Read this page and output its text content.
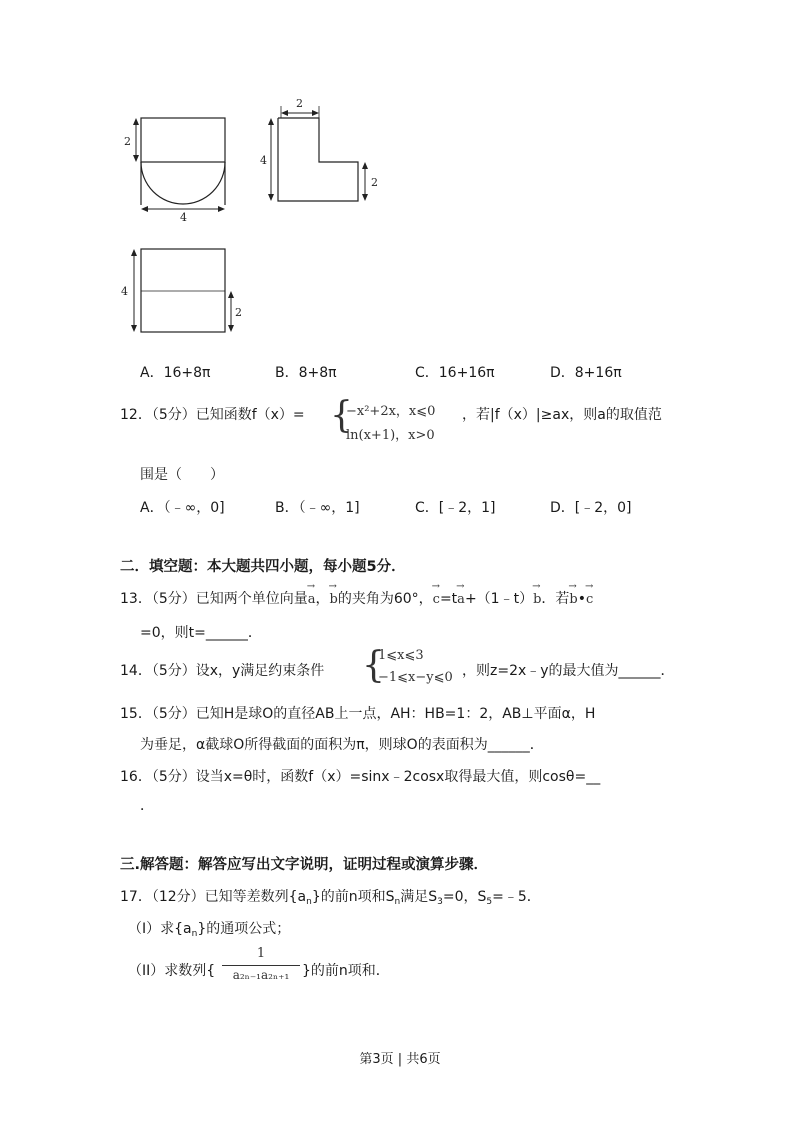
2
4
2
4
2
4
2
A．16+8π	B．8+8π	C．16+16π	D．8+16π
12．（5分）已知函数f（x）= {
−x²+2x，x⩽0
ln(x+1)，x>0
，若|f（x）|≥ax，则a的取值范
围是（　　）
A．（﹣∞，0]	B．（﹣∞，1]	C．[﹣2，1]	D．[﹣2，0]
二．填空题：本大题共四小题，每小题5分．
13．（5分）已知两个单位向量→ a，→ b的夹角为60°，→ c=t→ a+（1﹣t）→ b．若→ b•→ c
=0，则t=______．
14．（5分）设x，y满足约束条件 {
1⩽x⩽3
−1⩽x−y⩽0 ，则z=2x﹣y的最大值为______．
15．（5分）已知H是球O的直径AB上一点，AH：HB=1：2，AB⊥平面α，H
为垂足，α截球O所得截面的面积为π，则球O的表面积为______．
16．（5分）设当x=θ时，函数f（x）=sinx﹣2cosx取得最大值，则cosθ=__
．
三.解答题：解答应写出文字说明，证明过程或演算步骤．
17．（12分）已知等差数列$\{a_n\}$的前n项和$S_n$满足$S_3=0$，$S_5=﹣5$．
（I）求$\{a_n\}$的通项公式；
（II）求数列{
1
a₂ₙ₋₁a₂ₙ₊₁ }的前n项和．
第3页 | 共6页
